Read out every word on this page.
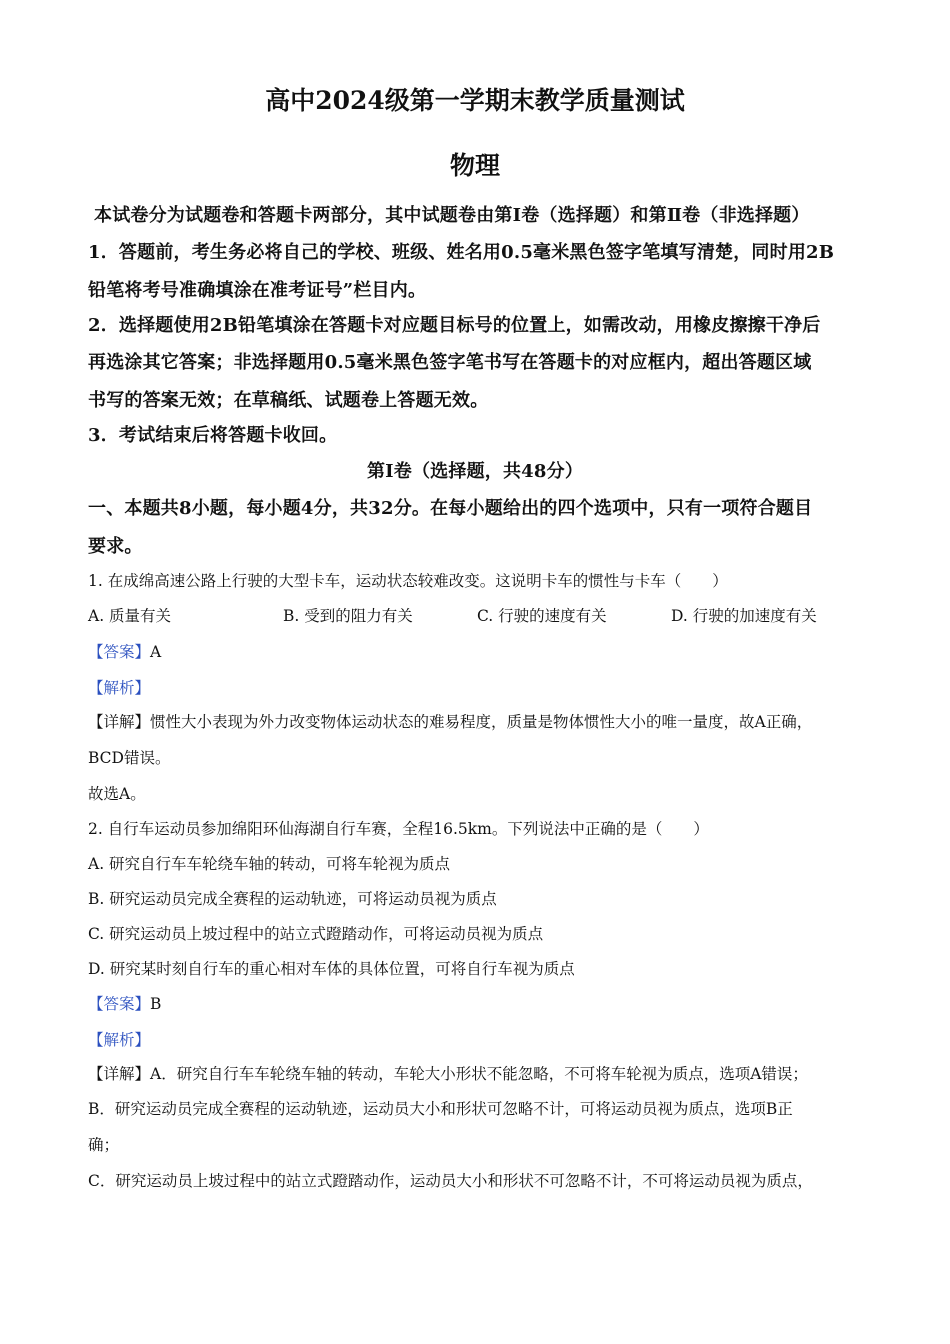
高中2024级第一学期末教学质量测试
物理
本试卷分为试题卷和答题卡两部分，其中试题卷由第Ⅰ卷（选择题）和第Ⅱ卷（非选择题）
1．答题前，考生务必将自己的学校、班级、姓名用0.5毫米黑色签字笔填写清楚，同时用2B
铅笔将考号准确填涂在准考证号”栏目内。
2．选择题使用2B铅笔填涂在答题卡对应题目标号的位置上，如需改动，用橡皮擦擦干净后
再选涂其它答案；非选择题用0.5毫米黑色签字笔书写在答题卡的对应框内，超出答题区域
书写的答案无效；在草稿纸、试题卷上答题无效。
3．考试结束后将答题卡收回。
第Ⅰ卷（选择题，共48分）
一、本题共8小题，每小题4分，共32分。在每小题给出的四个选项中，只有一项符合题目
要求。
1. 在成绵高速公路上行驶的大型卡车，运动状态较难改变。这说明卡车的惯性与卡车（　　）
A. 质量有关	B. 受到的阻力有关	C. 行驶的速度有关	D. 行驶的加速度有关
【答案】A
【解析】
【详解】惯性大小表现为外力改变物体运动状态的难易程度，质量是物体惯性大小的唯一量度，故A正确，
BCD错误。
故选A。
2. 自行车运动员参加绵阳环仙海湖自行车赛，全程16.5km。下列说法中正确的是（　　）
A. 研究自行车车轮绕车轴的转动，可将车轮视为质点
B. 研究运动员完成全赛程的运动轨迹，可将运动员视为质点
C. 研究运动员上坡过程中的站立式蹬踏动作，可将运动员视为质点
D. 研究某时刻自行车的重心相对车体的具体位置，可将自行车视为质点
【答案】B
【解析】
【详解】A．研究自行车车轮绕车轴的转动，车轮大小形状不能忽略，不可将车轮视为质点，选项A错误；
B．研究运动员完成全赛程的运动轨迹，运动员大小和形状可忽略不计，可将运动员视为质点，选项B正
确；
C．研究运动员上坡过程中的站立式蹬踏动作，运动员大小和形状不可忽略不计，不可将运动员视为质点，
